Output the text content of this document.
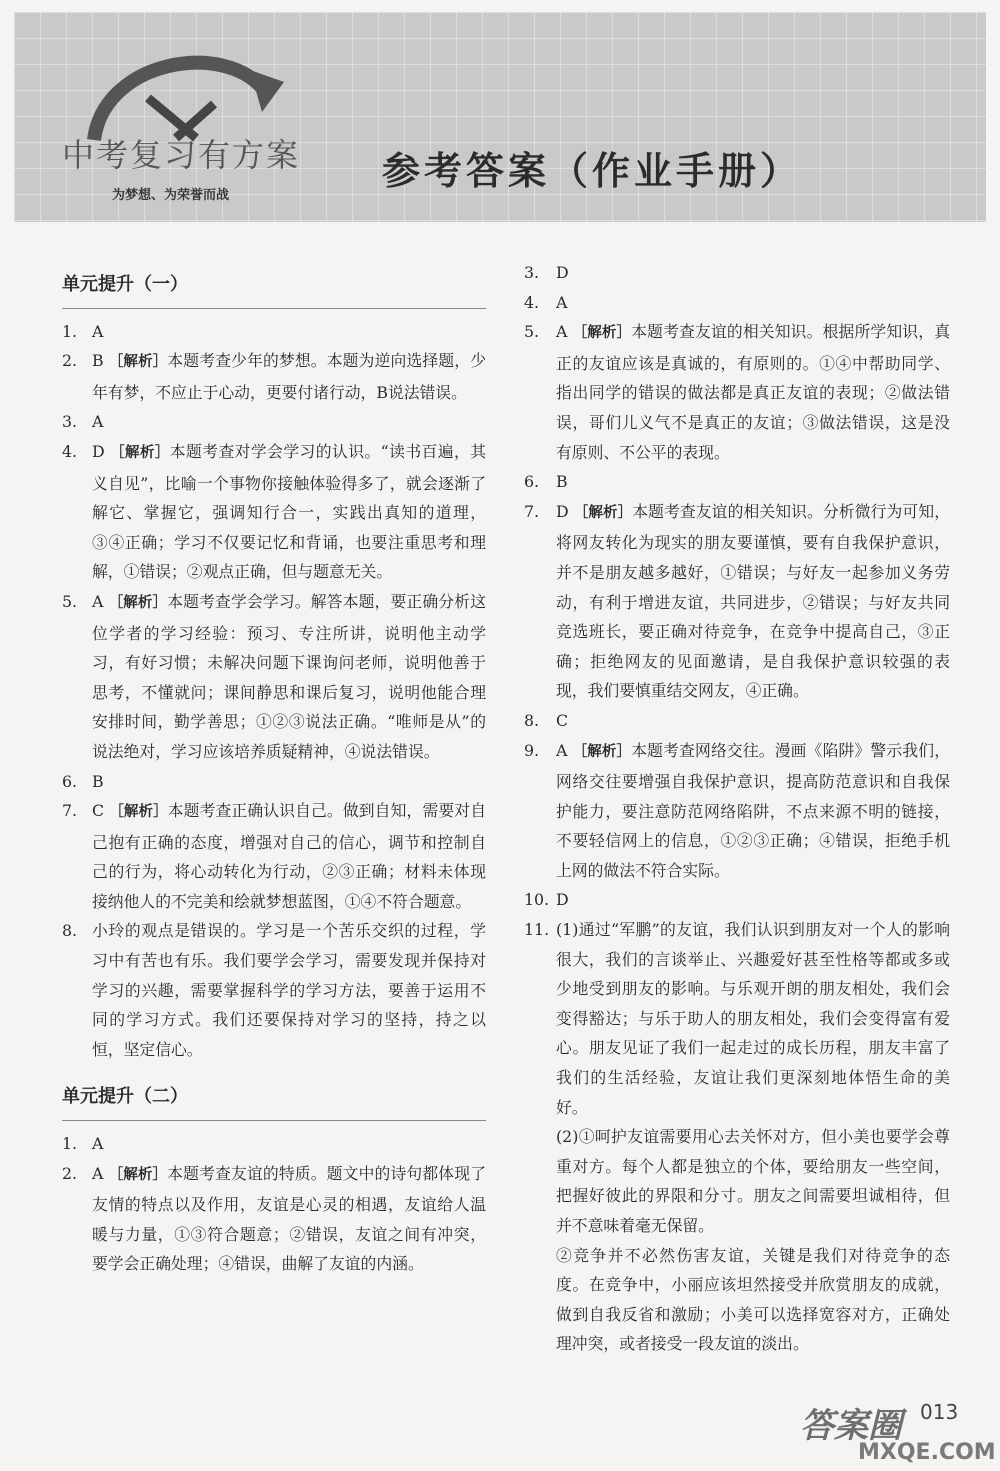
中考复习有方案
为梦想、为荣誉而战
参考答案（作业手册）
单元提升（一）
1. A
2. B ［解析］本题考查少年的梦想。本题为逆向选择题，少年有梦，不应止于心动，更要付诸行动，B说法错误。
3. A
4. D ［解析］本题考查对学会学习的认识。“读书百遍，其义自见”，比喻一个事物你接触体验得多了，就会逐渐了解它、掌握它，强调知行合一，实践出真知的道理，③④正确；学习不仅要记忆和背诵，也要注重思考和理解，①错误；②观点正确，但与题意无关。
5. A ［解析］本题考查学会学习。解答本题，要正确分析这位学者的学习经验：预习、专注所讲，说明他主动学习，有好习惯；未解决问题下课询问老师，说明他善于思考，不懂就问；课间静思和课后复习，说明他能合理安排时间，勤学善思；①②③说法正确。“唯师是从”的说法绝对，学习应该培养质疑精神，④说法错误。
6. B
7. C ［解析］本题考查正确认识自己。做到自知，需要对自己抱有正确的态度，增强对自己的信心，调节和控制自己的行为，将心动转化为行动，②③正确；材料未体现接纳他人的不完美和绘就梦想蓝图，①④不符合题意。
8. 小玲的观点是错误的。学习是一个苦乐交织的过程，学习中有苦也有乐。我们要学会学习，需要发现并保持对学习的兴趣，需要掌握科学的学习方法，要善于运用不同的学习方式。我们还要保持对学习的坚持，持之以恒，坚定信心。
单元提升（二）
1. A
2. A ［解析］本题考查友谊的特质。题文中的诗句都体现了友情的特点以及作用，友谊是心灵的相遇，友谊给人温暖与力量，①③符合题意；②错误，友谊之间有冲突，要学会正确处理；④错误，曲解了友谊的内涵。
3. D
4. A
5. A ［解析］本题考查友谊的相关知识。根据所学知识，真正的友谊应该是真诚的，有原则的。①④中帮助同学、指出同学的错误的做法都是真正友谊的表现；②做法错误，哥们儿义气不是真正的友谊；③做法错误，这是没有原则、不公平的表现。
6. B
7. D ［解析］本题考查友谊的相关知识。分析微行为可知，将网友转化为现实的朋友要谨慎，要有自我保护意识，并不是朋友越多越好，①错误；与好友一起参加义务劳动，有利于增进友谊，共同进步，②错误；与好友共同竞选班长，要正确对待竞争，在竞争中提高自己，③正确；拒绝网友的见面邀请，是自我保护意识较强的表现，我们要慎重结交网友，④正确。
8. C
9. A ［解析］本题考查网络交往。漫画《陷阱》警示我们，网络交往要增强自我保护意识，提高防范意识和自我保护能力，要注意防范网络陷阱，不点来源不明的链接，不要轻信网上的信息，①②③正确；④错误，拒绝手机上网的做法不符合实际。
10. D
11. (1)通过“军鹏”的友谊，我们认识到朋友对一个人的影响很大，我们的言谈举止、兴趣爱好甚至性格等都或多或少地受到朋友的影响。与乐观开朗的朋友相处，我们会变得豁达；与乐于助人的朋友相处，我们会变得富有爱心。朋友见证了我们一起走过的成长历程，朋友丰富了我们的生活经验，友谊让我们更深刻地体悟生命的美好。
(2)①呵护友谊需要用心去关怀对方，但小美也要学会尊重对方。每个人都是独立的个体，要给朋友一些空间，把握好彼此的界限和分寸。朋友之间需要坦诚相待，但并不意味着毫无保留。
②竞争并不必然伤害友谊，关键是我们对待竞争的态度。在竞争中，小丽应该坦然接受并欣赏朋友的成就，做到自我反省和激励；小美可以选择宽容对方，正确处理冲突，或者接受一段友谊的淡出。
答案圈 013
MXQE.COM
